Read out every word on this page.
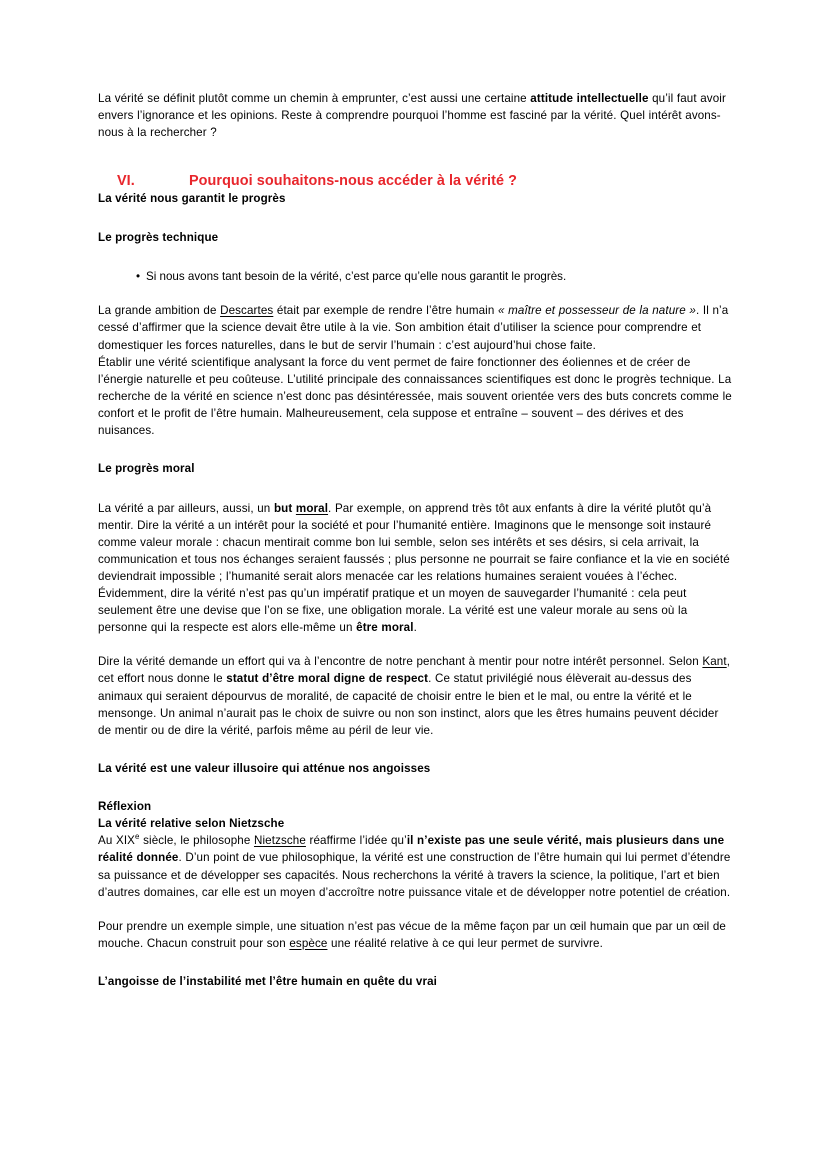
La vérité se définit plutôt comme un chemin à emprunter, c’est aussi une certaine attitude intellectuelle qu’il faut avoir envers l’ignorance et les opinions. Reste à comprendre pourquoi l’homme est fasciné par la vérité. Quel intérêt avons-nous à la rechercher ?

VI.	Pourquoi souhaitons-nous accéder à la vérité ?
La vérité nous garantit le progrès
Le progrès technique
• Si nous avons tant besoin de la vérité, c’est parce qu’elle nous garantit le progrès.

La grande ambition de Descartes était par exemple de rendre l’être humain « maître et possesseur de la nature ». Il n’a cessé d’affirmer que la science devait être utile à la vie. Son ambition était d’utiliser la science pour comprendre et domestiquer les forces naturelles, dans le but de servir l’humain : c’est aujourd’hui chose faite.

Établir une vérité scientifique analysant la force du vent permet de faire fonctionner des éoliennes et de créer de l’énergie naturelle et peu coûteuse. L’utilité principale des connaissances scientifiques est donc le progrès technique. La recherche de la vérité en science n’est donc pas désintéressée, mais souvent orientée vers des buts concrets comme le confort et le profit de l’être humain. Malheureusement, cela suppose et entraîne – souvent – des dérives et des nuisances.

Le progrès moral

La vérité a par ailleurs, aussi, un but moral. Par exemple, on apprend très tôt aux enfants à dire la vérité plutôt qu’à mentir. Dire la vérité a un intérêt pour la société et pour l’humanité entière. Imaginons que le mensonge soit instauré comme valeur morale : chacun mentirait comme bon lui semble, selon ses intérêts et ses désirs, si cela arrivait, la communication et tous nos échanges seraient faussés ; plus personne ne pourrait se faire confiance et la vie en société deviendrait impossible ; l’humanité serait alors menacée car les relations humaines seraient vouées à l’échec. Évidemment, dire la vérité n’est pas qu’un impératif pratique et un moyen de sauvegarder l’humanité : cela peut seulement être une devise que l’on se fixe, une obligation morale. La vérité est une valeur morale au sens où la personne qui la respecte est alors elle-même un être moral.

Dire la vérité demande un effort qui va à l’encontre de notre penchant à mentir pour notre intérêt personnel. Selon Kant, cet effort nous donne le statut d’être moral digne de respect. Ce statut privilégié nous élèverait au-dessus des animaux qui seraient dépourvus de moralité, de capacité de choisir entre le bien et le mal, ou entre la vérité et le mensonge. Un animal n’aurait pas le choix de suivre ou non son instinct, alors que les êtres humains peuvent décider de mentir ou de dire la vérité, parfois même au péril de leur vie.

La vérité est une valeur illusoire qui atténue nos angoisses
Réflexion
La vérité relative selon Nietzsche

Au XIXe siècle, le philosophe Nietzsche réaffirme l’idée qu’il n’existe pas une seule vérité, mais plusieurs dans une réalité donnée. D’un point de vue philosophique, la vérité est une construction de l’être humain qui lui permet d’étendre sa puissance et de développer ses capacités. Nous recherchons la vérité à travers la science, la politique, l’art et bien d’autres domaines, car elle est un moyen d’accroître notre puissance vitale et de développer notre potentiel de création.

Pour prendre un exemple simple, une situation n’est pas vécue de la même façon par un œil humain que par un œil de mouche. Chacun construit pour son espèce une réalité relative à ce qui leur permet de survivre.

L’angoisse de l’instabilité met l’être humain en quête du vrai
